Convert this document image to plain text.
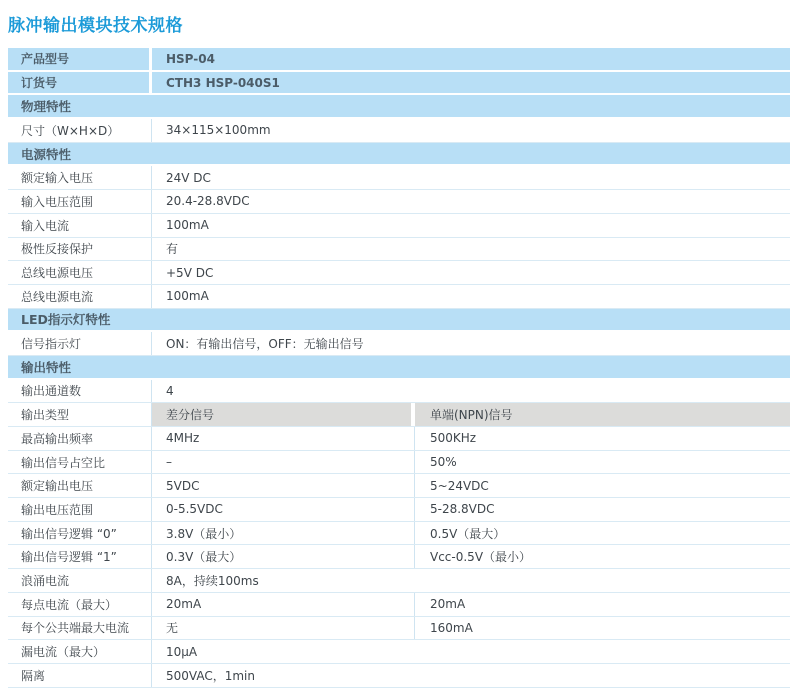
脉冲输出模块技术规格
产品型号	HSP-04
订货号	CTH3 HSP-040S1
物理特性
尺寸（W×H×D）	34×115×100mm
电源特性
额定输入电压	24V DC
输入电压范围	20.4-28.8VDC
输入电流	100mA
极性反接保护	有
总线电源电压	+5V DC
总线电源电流	100mA
LED指示灯特性
信号指示灯	ON：有输出信号，OFF：无输出信号
输出特性
输出通道数	4
输出类型	差分信号	单端(NPN)信号
最高输出频率	4MHz	500KHz
输出信号占空比	–	50%
额定输出电压	5VDC	5~24VDC
输出电压范围	0-5.5VDC	5-28.8VDC
输出信号逻辑 “0”	3.8V（最小）	0.5V（最大）
输出信号逻辑 “1”	0.3V（最大）	Vcc-0.5V（最小）
浪涌电流	8A，持续100ms
每点电流（最大）	20mA	20mA
每个公共端最大电流	无	160mA
漏电流（最大）	10μA
隔离	500VAC，1min
